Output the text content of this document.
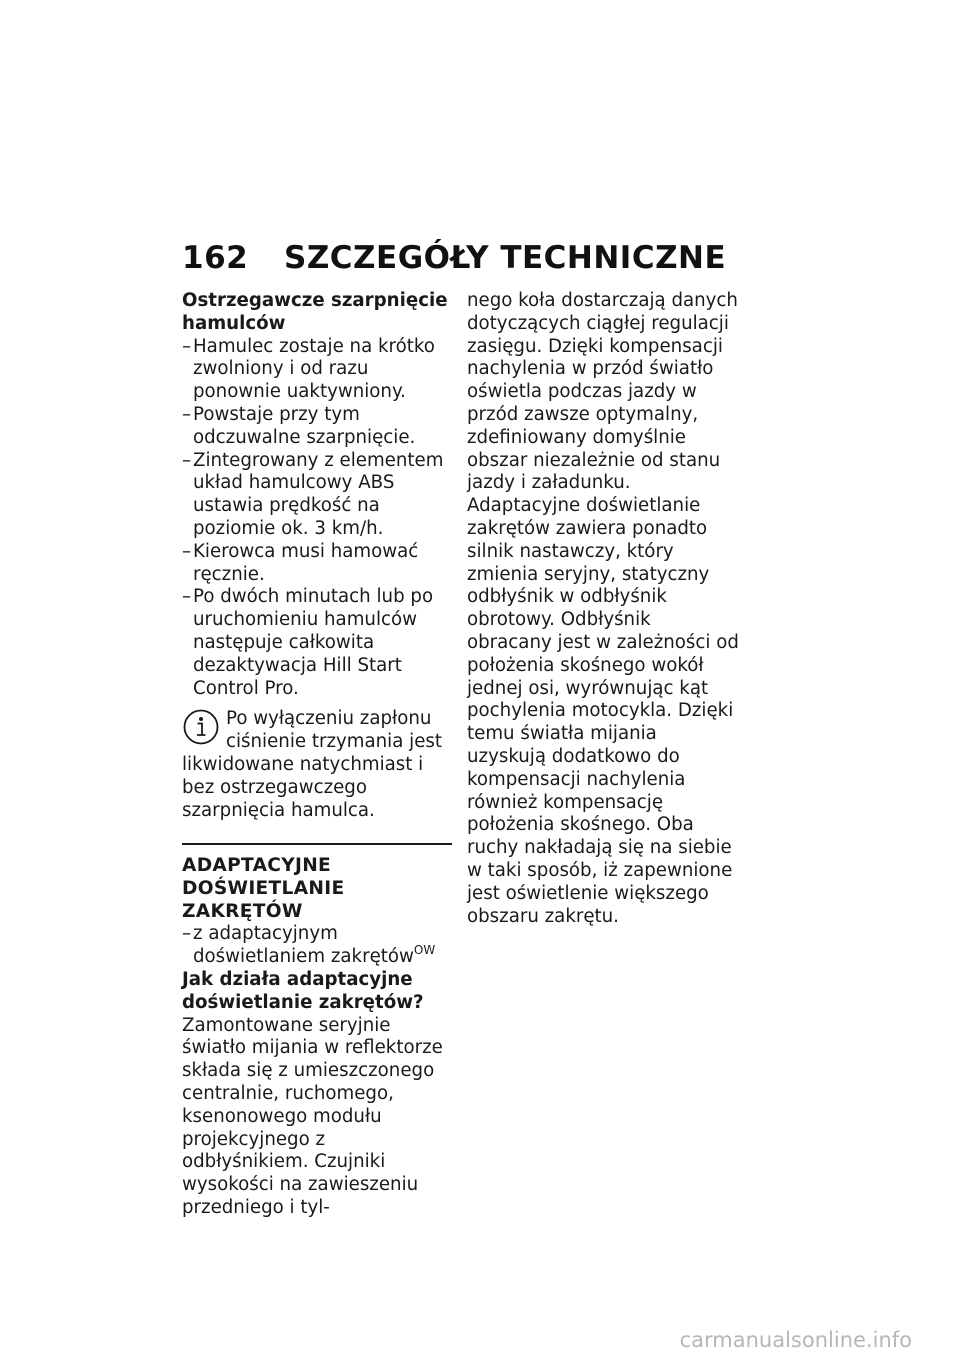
162	SZCZEGÓŁY TECHNICZNE

Ostrzegawcze szarpnięcie hamulców

– Hamulec zostaje na krótko zwolniony i od razu ponownie uaktywniony.
– Powstaje przy tym odczuwalne szarpnięcie.
– Zintegrowany z elementem układ hamulcowy ABS ustawia prędkość na poziomie ok. 3 km/h.
– Kierowca musi hamować ręcznie.
– Po dwóch minutach lub po uruchomieniu hamulców następuje całkowita dezaktywacja Hill Start Control Pro.
Po wyłączeniu zapłonu
ciśnienie trzymania jest
likwidowane natychmiast i bez ostrzegawczego szarpnięcia hamulca.

ADAPTACYJNE DOŚWIETLANIE ZAKRĘTÓW

– z adaptacyjnym doświetlaniem zakrętów$^{OW}$

Jak działa adaptacyjne doświetlanie zakrętów?

Zamontowane seryjnie światło mijania w reflektorze składa się z umieszczonego centralnie, ruchomego, ksenonowego modułu projekcyjnego z odbłyśnikiem. Czujniki wysokości na zawieszeniu przedniego i tyl-

nego koła dostarczają danych dotyczących ciągłej regulacji zasięgu. Dzięki kompensacji nachylenia w przód światło oświetla podczas jazdy w przód zawsze optymalny, zdefiniowany domyślnie obszar niezależnie od stanu jazdy i załadunku.

Adaptacyjne doświetlanie zakrętów zawiera ponadto silnik nastawczy, który zmienia seryjny, statyczny odbłyśnik w odbłyśnik obrotowy. Odbłyśnik obracany jest w zależności od położenia skośnego wokół jednej osi, wyrównując kąt pochylenia motocykla. Dzięki temu światła mijania uzyskują dodatkowo do kompensacji nachylenia również kompensację położenia skośnego. Oba ruchy nakładają się na siebie w taki sposób, iż zapewnione jest oświetlenie większego obszaru zakrętu.

carmanualsonline.info
